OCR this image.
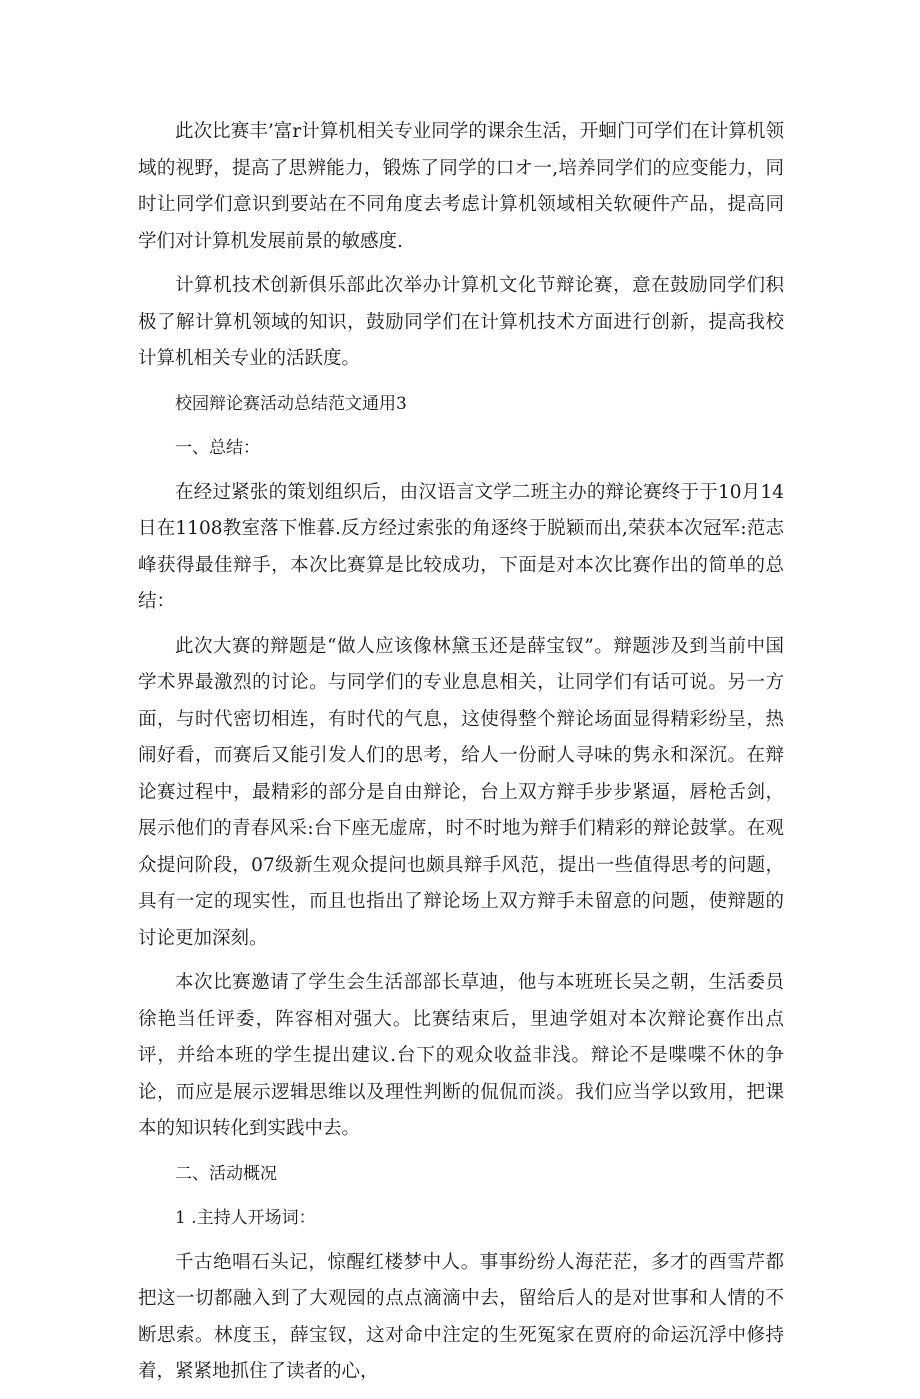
此次比赛丰’富r计算机相关专业同学的课余生活，开蛔门可学们在计算机领域的视野，提高了思辨能力，锻炼了同学的口オ一,培养同学们的应变能力，同时让同学们意识到要站在不同角度去考虑计算机领域相关软硬件产品，提高同学们对计算机发展前景的敏感度.

计算机技术创新俱乐部此次举办计算机文化节辩论赛，意在鼓励同学们积极了解计算机领域的知识，鼓励同学们在计算机技术方面进行创新，提高我校计算机相关专业的活跃度。

校园辩论赛活动总结范文通用3

一、总结：

在经过紧张的策划组织后，由汉语言文学二班主办的辩论赛终于于10月14日在1108教室落下惟暮.反方经过索张的角逐终于脱颖而出,荣获本次冠军:范志峰获得最佳辩手，本次比赛算是比较成功，下面是对本次比赛作出的简单的总结：

此次大赛的辩题是“做人应该像林黛玉还是薛宝钗”。辩题涉及到当前中国学术界最激烈的讨论。与同学们的专业息息相关，让同学们有话可说。另一方面，与时代密切相连，有时代的气息，这使得整个辩论场面显得精彩纷呈，热闹好看，而赛后又能引发人们的思考，给人一份耐人寻味的隽永和深沉。在辩论赛过程中，最精彩的部分是自由辩论，台上双方辩手步步紧逼，唇枪舌剑，展示他们的青春风采:台下座无虚席，时不时地为辩手们精彩的辩论鼓掌。在观众提问阶段，07级新生观众提问也颇具辩手风范，提出一些值得思考的问题，具有一定的现实性，而且也指出了辩论场上双方辩手未留意的问题，使辩题的讨论更加深刻。

本次比赛邀请了学生会生活部部长草迪，他与本班班长吴之朝，生活委员徐艳当任评委，阵容相对强大。比赛结束后，里迪学姐对本次辩论赛作出点评，并给本班的学生提出建议.台下的观众收益非浅。辩论不是喋喋不休的争论，而应是展示逻辑思维以及理性判断的侃侃而淡。我们应当学以致用，把课本的知识转化到实践中去。

二、活动概况

1 .主持人开场词：

千古绝唱石头记，惊醒红楼梦中人。事事纷纷人海茫茫，多才的酉雪芹都把这一切都融入到了大观园的点点滴滴中去，留给后人的是对世事和人情的不断思索。林度玉，薛宝钗，这对命中注定的生死冤家在贾府的命运沉浮中修持着，紧紧地抓住了读者的心，
